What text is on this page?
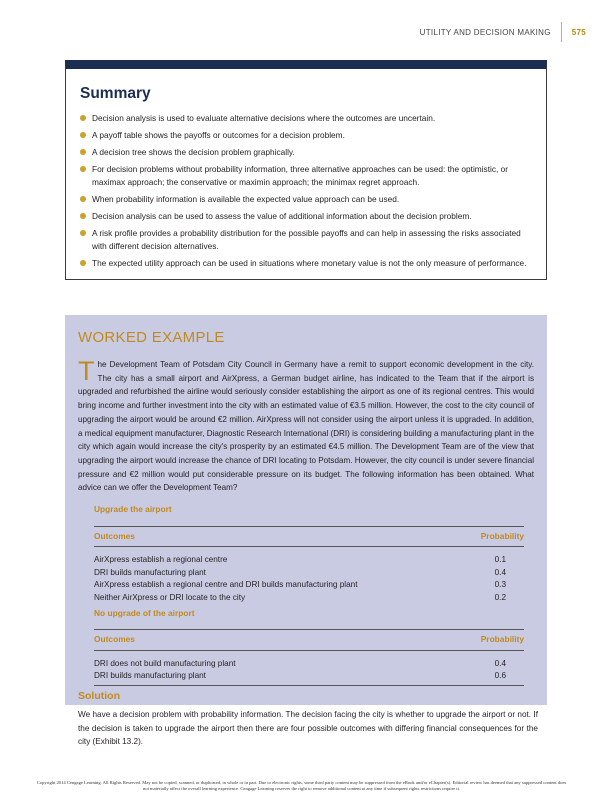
UTILITY AND DECISION MAKING	575
Summary
Decision analysis is used to evaluate alternative decisions where the outcomes are uncertain.
A payoff table shows the payoffs or outcomes for a decision problem.
A decision tree shows the decision problem graphically.
For decision problems without probability information, three alternative approaches can be used: the optimistic, or maximax approach; the conservative or maximin approach; the minimax regret approach.
When probability information is available the expected value approach can be used.
Decision analysis can be used to assess the value of additional information about the decision problem.
A risk profile provides a probability distribution for the possible payoffs and can help in assessing the risks associated with different decision alternatives.
The expected utility approach can be used in situations where monetary value is not the only measure of performance.
WORKED EXAMPLE

The Development Team of Potsdam City Council in Germany have a remit to support economic development in the city. The city has a small airport and AirXpress, a German budget airline, has indicated to the Team that if the airport is upgraded and refurbished the airline would seriously consider establishing the airport as one of its regional centres. This would bring income and further investment into the city with an estimated value of €3.5 million. However, the cost to the city council of upgrading the airport would be around €2 million. AirXpress will not consider using the airport unless it is upgraded. In addition, a medical equipment manufacturer, Diagnostic Research International (DRI) is considering building a manufacturing plant in the city which again would increase the city's prosperity by an estimated €4.5 million. The Development Team are of the view that upgrading the airport would increase the chance of DRI locating to Potsdam. However, the city council is under severe financial pressure and €2 million would put considerable pressure on its budget. The following information has been obtained. What advice can we offer the Development Team?

Upgrade the airport	
Outcomes	Probability

AirXpress establish a regional centre	0.1
DRI builds manufacturing plant	0.4
AirXpress establish a regional centre and DRI builds manufacturing plant	0.3
Neither AirXpress or DRI locate to the city	0.2
No upgrade of the airport	
Outcomes	Probability

DRI does not build manufacturing plant	0.4
DRI builds manufacturing plant	0.6
Solution

We have a decision problem with probability information. The decision facing the city is whether to upgrade the airport or not. If the decision is taken to upgrade the airport then there are four possible outcomes with differing financial consequences for the city (Exhibit 13.2).

Copyright 2014 Cengage Learning. All Rights Reserved. May not be copied, scanned, or duplicated, in whole or in part. Due to electronic rights, some third party content may be suppressed from the eBook and/or eChapter(s). Editorial review has deemed that any suppressed content does not materially affect the overall learning experience. Cengage Learning reserves the right to remove additional content at any time if subsequent rights restrictions require it.
